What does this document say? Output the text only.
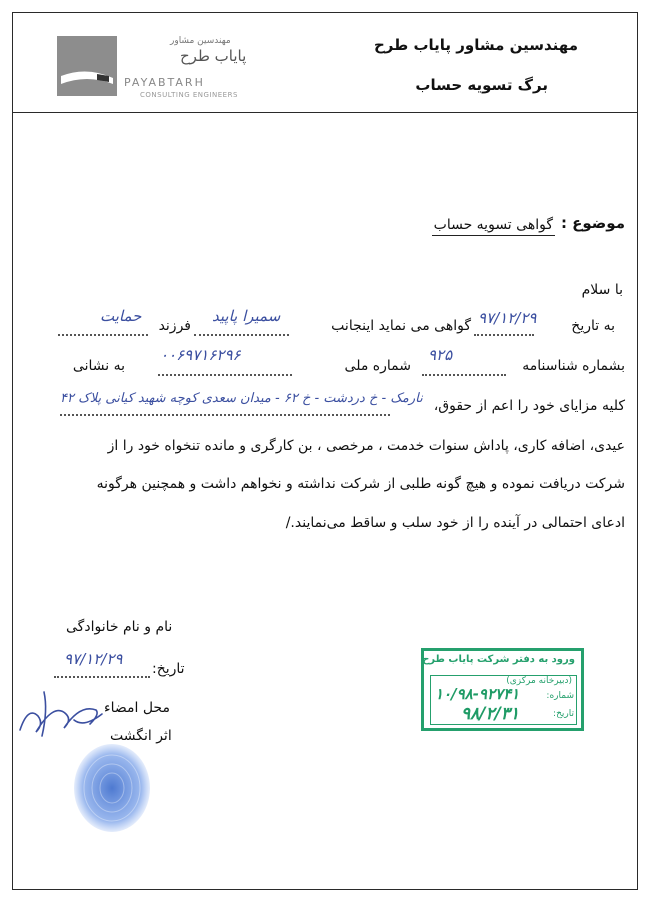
مهندسین مشاور
پایاب طرح
PAYABTARH
CONSULTING ENGINEERS
مهندسین مشاور پایاب طرح
برگ تسویه حساب
موضوع :
گواهی تسویه حساب
با سلام
به تاریخ
۹۷/۱۲/۲۹
گواهی می نماید اینجانب
سمیرا پاپید
فرزند
حمایت
بشماره شناسنامه
۹۲۵
شماره ملی
۰۰۶۹۷۱۶۲۹۶
به نشانی
نارمک - خ دردشت - خ ۶۲ - میدان سعدی کوچه شهید کیانی پلاک ۴۲ کلیه مزایای خود را اعم از حقوق،
عیدی، اضافه کاری، پاداش سنوات خدمت ، مرخصی ، بن کارگری و مانده تنخواه خود را از
شرکت دریافت نموده و هیچ گونه طلبی از شرکت نداشته و نخواهم داشت و همچنین هرگونه
ادعای احتمالی در آینده را از خود سلب و ساقط می‌نمایند./
نام و نام خانوادگی
تاریخ:
۹۷/۱۲/۲۹
محل امضاء
اثر انگشت
ورود به دفتر شرکت پایاب طرح
(دبیرخانه مرکزی)
شماره:
۱۰/۹۸-۹۲۷۴۱
تاریخ:
۹۸/۲/۳۱
